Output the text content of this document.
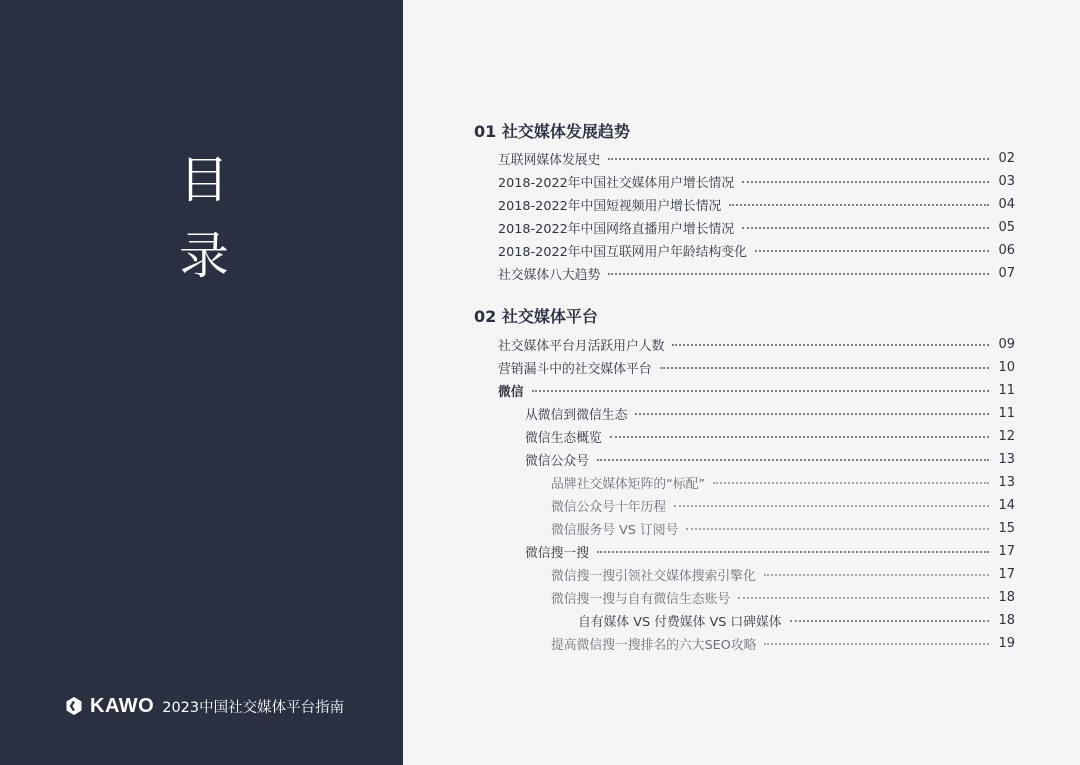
目
录
KAWO 2023中国社交媒体平台指南
01 社交媒体发展趋势
互联网媒体发展史	02
2018-2022年中国社交媒体用户增长情况	03
2018-2022年中国短视频用户增长情况	04
2018-2022年中国网络直播用户增长情况	05
2018-2022年中国互联网用户年龄结构变化	06
社交媒体八大趋势	07
02 社交媒体平台
社交媒体平台月活跃用户人数	09
营销漏斗中的社交媒体平台	10
微信	11
从微信到微信生态	11
微信生态概览	12
微信公众号	13
品牌社交媒体矩阵的“标配”	13
微信公众号十年历程	14
微信服务号 VS 订阅号	15
微信搜一搜	17
微信搜一搜引领社交媒体搜索引擎化	17
微信搜一搜与自有微信生态账号	18
自有媒体 VS 付费媒体 VS 口碑媒体	18
提高微信搜一搜排名的六大SEO攻略	19
